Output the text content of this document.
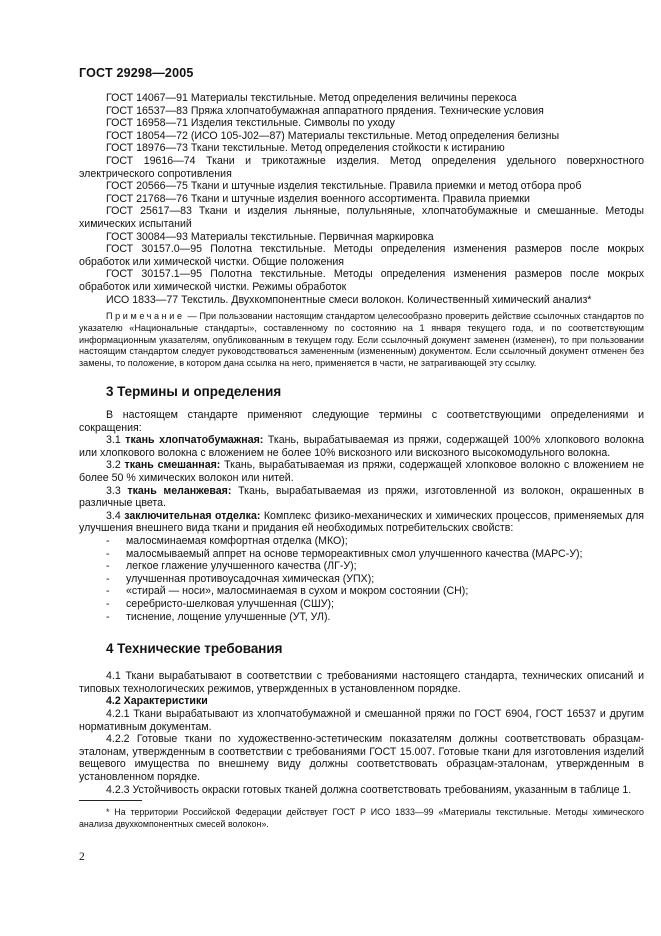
ГОСТ 29298—2005

ГОСТ 14067—91 Материалы текстильные. Метод определения величины перекоса

ГОСТ 16537—83 Пряжа хлопчатобумажная аппаратного прядения. Технические условия

ГОСТ 16958—71 Изделия текстильные. Символы по уходу

ГОСТ 18054—72 (ИСО 105-J02—87) Материалы текстильные. Метод определения белизны

ГОСТ 18976—73 Ткани текстильные. Метод определения стойкости к истиранию

ГОСТ 19616—74 Ткани и трикотажные изделия. Метод определения удельного поверхностного электрического сопротивления

ГОСТ 20566—75 Ткани и штучные изделия текстильные. Правила приемки и метод отбора проб

ГОСТ 21768—76 Ткани и штучные изделия военного ассортимента. Правила приемки

ГОСТ 25617—83 Ткани и изделия льняные, полульняные, хлопчатобумажные и смешанные. Методы химических испытаний

ГОСТ 30084—93 Материалы текстильные. Первичная маркировка

ГОСТ 30157.0—95 Полотна текстильные. Методы определения изменения размеров после мокрых обработок или химической чистки. Общие положения

ГОСТ 30157.1—95 Полотна текстильные. Методы определения изменения размеров после мокрых обработок или химической чистки. Режимы обработок

ИСО 1833—77 Текстиль. Двухкомпонентные смеси волокон. Количественный химический анализ*

Примечание — При пользовании настоящим стандартом целесообразно проверить действие ссылочных стандартов по указателю «Национальные стандарты», составленному по состоянию на 1 января текущего года, и по соответствующим информационным указателям, опубликованным в текущем году. Если ссылочный документ заменен (изменен), то при пользовании настоящим стандартом следует руководствоваться замененным (измененным) документом. Если ссылочный документ отменен без замены, то положение, в котором дана ссылка на него, применяется в части, не затрагивающей эту ссылку.

3 Термины и определения

В настоящем стандарте применяют следующие термины с соответствующими определениями и сокращения:

3.1 ткань хлопчатобумажная: Ткань, вырабатываемая из пряжи, содержащей 100% хлопкового волокна или хлопкового волокна с вложением не более 10% вискозного или вискозного высокомодульного волокна.

3.2 ткань смешанная: Ткань, вырабатываемая из пряжи, содержащей хлопковое волокно с вложением не более 50 % химических волокон или нитей.

3.3 ткань меланжевая: Ткань, вырабатываемая из пряжи, изготовленной из волокон, окрашенных в различные цвета.

3.4 заключительная отделка: Комплекс физико-механических и химических процессов, применяемых для улучшения внешнего вида ткани и придания ей необходимых потребительских свойств:

- малосминаемая комфортная отделка (МКО);

- малосмываемый аппрет на основе термореактивных смол улучшенного качества (МАРС-У);

- легкое глажение улучшенного качества (ЛГ-У);

- улучшенная противоусадочная химическая (УПХ);

- «стирай — носи», малосминаемая в сухом и мокром состоянии (СН);

- серебристо-шелковая улучшенная (СШУ);

- тиснение, лощение улучшенные (УТ, УЛ).

4 Технические требования

4.1 Ткани вырабатывают в соответствии с требованиями настоящего стандарта, технических описаний и типовых технологических режимов, утвержденных в установленном порядке.

4.2 Характеристики

4.2.1 Ткани вырабатывают из хлопчатобумажной и смешанной пряжи по ГОСТ 6904, ГОСТ 16537 и другим нормативным документам.

4.2.2 Готовые ткани по художественно-эстетическим показателям должны соответствовать образцам-эталонам, утвержденным в соответствии с требованиями ГОСТ 15.007. Готовые ткани для изготовления изделий вещевого имущества по внешнему виду должны соответствовать образцам-эталонам, утвержденным в установленном порядке.

4.2.3 Устойчивость окраски готовых тканей должна соответствовать требованиям, указанным в таблице 1.

* На территории Российской Федерации действует ГОСТ Р ИСО 1833—99 «Материалы текстильные. Методы химического анализа двухкомпонентных смесей волокон».

2
